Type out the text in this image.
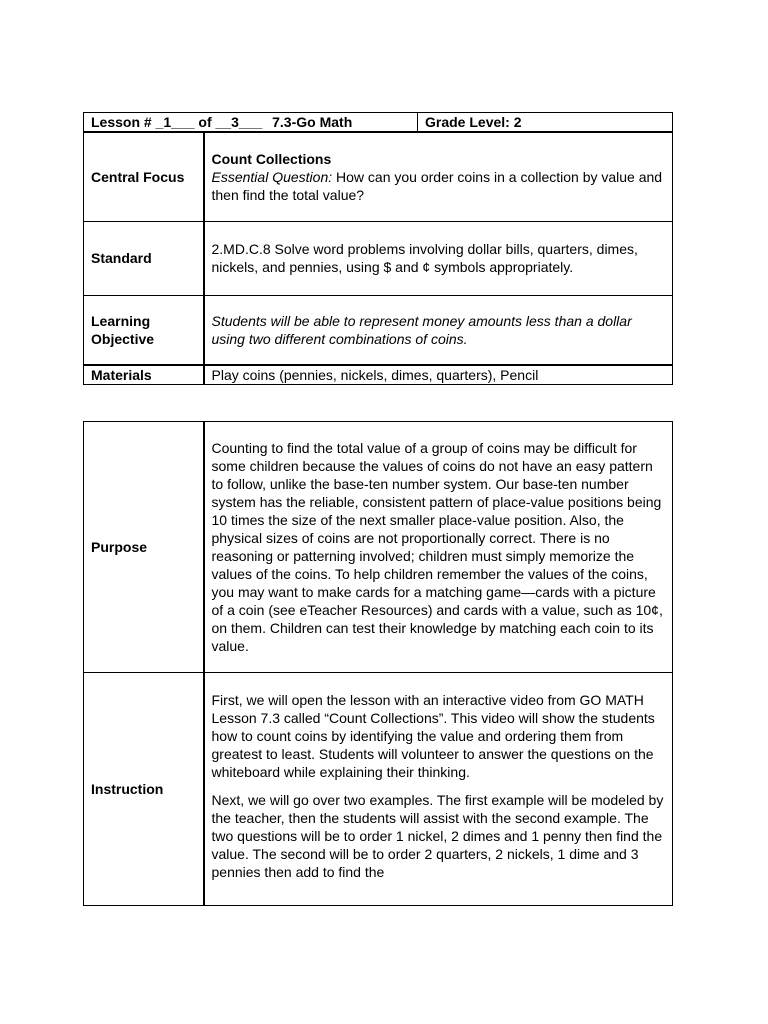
Lesson # _1___ of __3___ 7.3-Go Math		Grade Level: 2
Central Focus	Count Collections
Essential Question: How can you order coins in a collection by value and then find the total value?	

Standard	2.MD.C.8 Solve word problems involving dollar bills, quarters, dimes, nickels, and pennies, using $ and ¢ symbols appropriately.	
Learning Objective	Students will be able to represent money amounts less than a dollar using two different combinations of coins.	
Materials	Play coins (pennies, nickels, dimes, quarters), Pencil	
Purpose	Counting to find the total value of a group of coins may be difficult for some children because the values of coins do not have an easy pattern to follow, unlike the base-ten number system. Our base-ten number system has the reliable, consistent pattern of place-value positions being 10 times the size of the next smaller place-value position. Also, the physical sizes of coins are not proportionally correct. There is no reasoning or patterning involved; children must simply memorize the values of the coins. To help children remember the values of the coins, you may want to make cards for a matching game—cards with a picture of a coin (see eTeacher Resources) and cards with a value, such as 10¢, on them. Children can test their knowledge by matching each coin to its value.
Instruction	First, we will open the lesson with an interactive video from GO MATH Lesson 7.3 called “Count Collections”. This video will show the students how to count coins by identifying the value and ordering them from greatest to least. Students will volunteer to answer the questions on the whiteboard while explaining their thinking.
Next, we will go over two examples. The first example will be modeled by the teacher, then the students will assist with the second example. The two questions will be to order 1 nickel, 2 dimes and 1 penny then find the value. The second will be to order 2 quarters, 2 nickels, 1 dime and 3 pennies then add to find the
